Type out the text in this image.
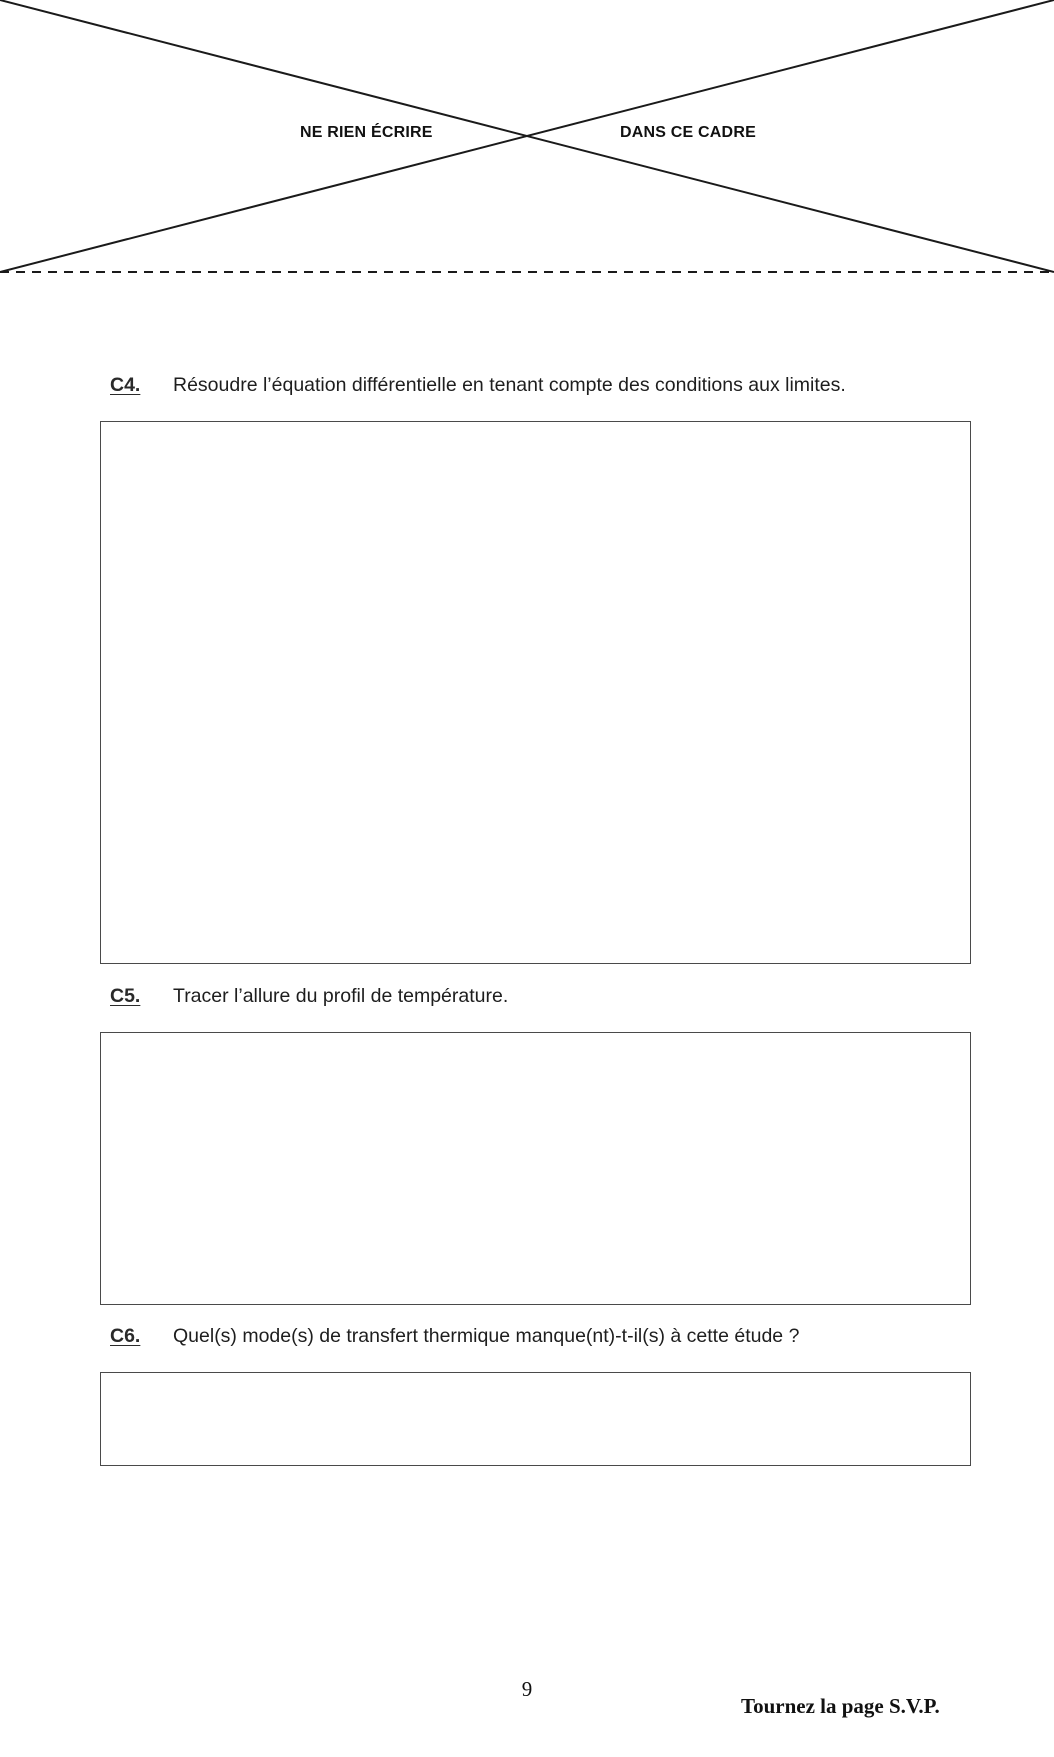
NE RIEN ÉCRIRE	DANS CE CADRE
C4. Résoudre l’équation différentielle en tenant compte des conditions aux limites.
C5. Tracer l’allure du profil de température.
C6. Quel(s) mode(s) de transfert thermique manque(nt)-t-il(s) à cette étude ?
9
Tournez la page S.V.P.
